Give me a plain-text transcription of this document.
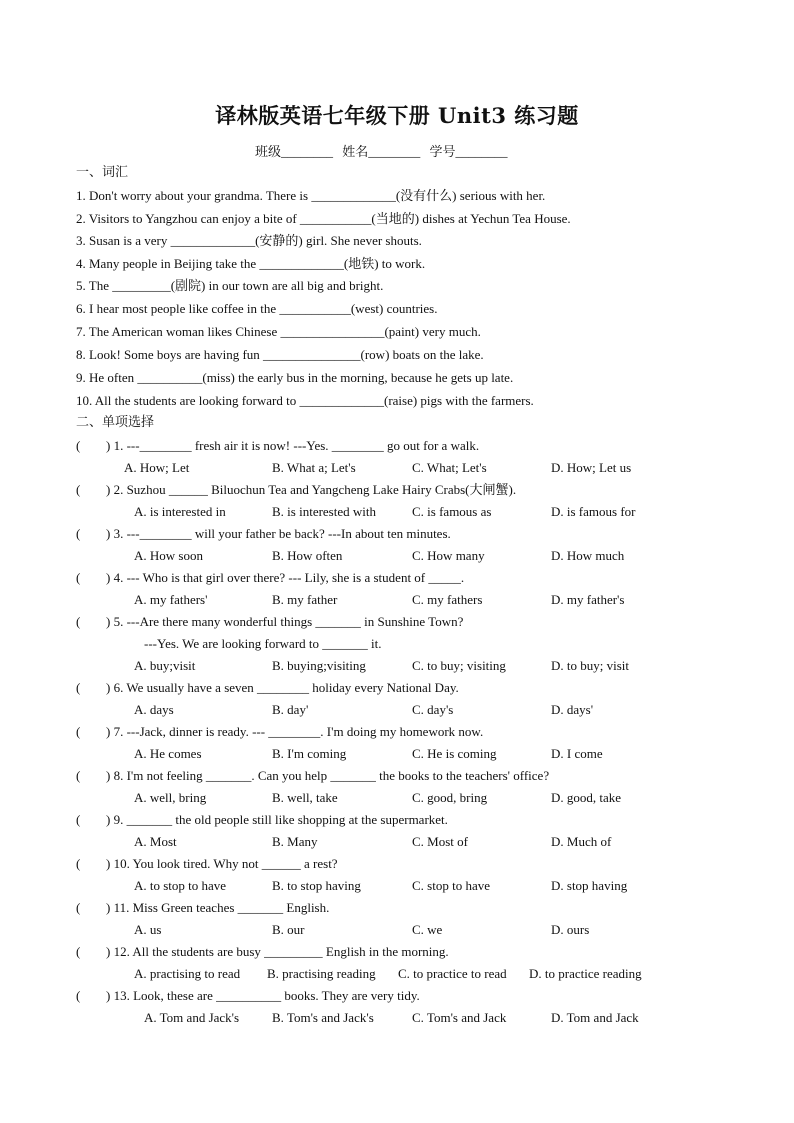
译林版英语七年级下册 Unit3 练习题
班级________ 姓名________ 学号________
一、词汇
1. Don't worry about your grandma. There is _____________(没有什么) serious with her.
2. Visitors to Yangzhou can enjoy a bite of ___________(当地的) dishes at Yechun Tea House.
3. Susan is a very _____________(安静的) girl. She never shouts.
4. Many people in Beijing take the _____________(地铁) to work.
5. The _________(剧院) in our town are all big and bright.
6. I hear most people like coffee in the ___________(west) countries.
7. The American woman likes Chinese ________________(paint) very much.
8. Look! Some boys are having fun _______________(row) boats on the lake.
9. He often __________(miss) the early bus in the morning, because he gets up late.
10. All the students are looking forward to _____________(raise) pigs with the farmers.
二、单项选择
( ) 1. ---________ fresh air it is now! ---Yes. ________ go out for a walk.
A. How; Let	B. What a; Let's	C. What; Let's	D. How; Let us
( ) 2. Suzhou ______ Biluochun Tea and Yangcheng Lake Hairy Crabs(大闸蟹).
A. is interested in	B. is interested with	C. is famous as	D. is famous for
( ) 3. ---________ will your father be back? ---In about ten minutes.
A. How soon	B. How often	C. How many	D. How much
( ) 4. --- Who is that girl over there? --- Lily, she is a student of _____.
A. my fathers'	B. my father	C. my fathers	D. my father's
( ) 5. ---Are there many wonderful things _______ in Sunshine Town?
---Yes. We are looking forward to _______ it.
A. buy;visit	B. buying;visiting	C. to buy; visiting	D. to buy; visit
( ) 6. We usually have a seven ________ holiday every National Day.
A. days	B. day'	C. day's	D. days'
( ) 7. ---Jack, dinner is ready. --- ________. I'm doing my homework now.
A. He comes	B. I'm coming	C. He is coming	D. I come
( ) 8. I'm not feeling _______. Can you help _______ the books to the teachers' office?
A. well, bring	B. well, take	C. good, bring	D. good, take
( ) 9. _______ the old people still like shopping at the supermarket.
A. Most	B. Many	C. Most of	D. Much of
( ) 10. You look tired. Why not ______ a rest?
A. to stop to have	B. to stop having	C. stop to have	D. stop having
( ) 11. Miss Green teaches _______ English.
A. us	B. our	C. we	D. ours
( ) 12. All the students are busy _________ English in the morning.
A. practising to read B. practising reading C. to practice to read D. to practice reading
( ) 13. Look, these are __________ books. They are very tidy.
A. Tom and Jack's	B. Tom's and Jack's	C. Tom's and Jack	D. Tom and Jack
